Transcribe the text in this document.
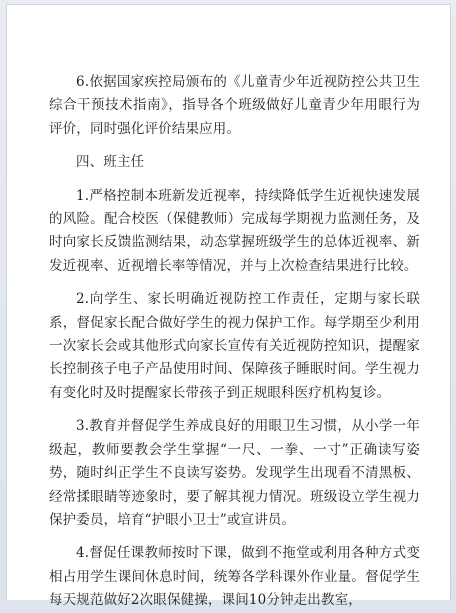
6.依据国家疾控局颁布的《儿童青少年近视防控公共卫生综合干预技术指南》，指导各个班级做好儿童青少年用眼行为评价，同时强化评价结果应用。

四、班主任

1.严格控制本班新发近视率，持续降低学生近视快速发展的风险。配合校医（保健教师）完成每学期视力监测任务，及时向家长反馈监测结果，动态掌握班级学生的总体近视率、新发近视率、近视增长率等情况，并与上次检查结果进行比较。

2.向学生、家长明确近视防控工作责任，定期与家长联系，督促家长配合做好学生的视力保护工作。每学期至少利用一次家长会或其他形式向家长宣传有关近视防控知识，提醒家长控制孩子电子产品使用时间、保障孩子睡眠时间。学生视力有变化时及时提醒家长带孩子到正规眼科医疗机构复诊。

3.教育并督促学生养成良好的用眼卫生习惯，从小学一年级起，教师要教会学生掌握“一尺、一拳、一寸”正确读写姿势，随时纠正学生不良读写姿势。发现学生出现看不清黑板、经常揉眼睛等迹象时，要了解其视力情况。班级设立学生视力保护委员，培育“护眼小卫士”或宣讲员。

4.督促任课教师按时下课，做到不拖堂或利用各种方式变相占用学生课间休息时间，统筹各学科课外作业量。督促学生每天规范做好2次眼保健操，课间10分钟走出教室，
